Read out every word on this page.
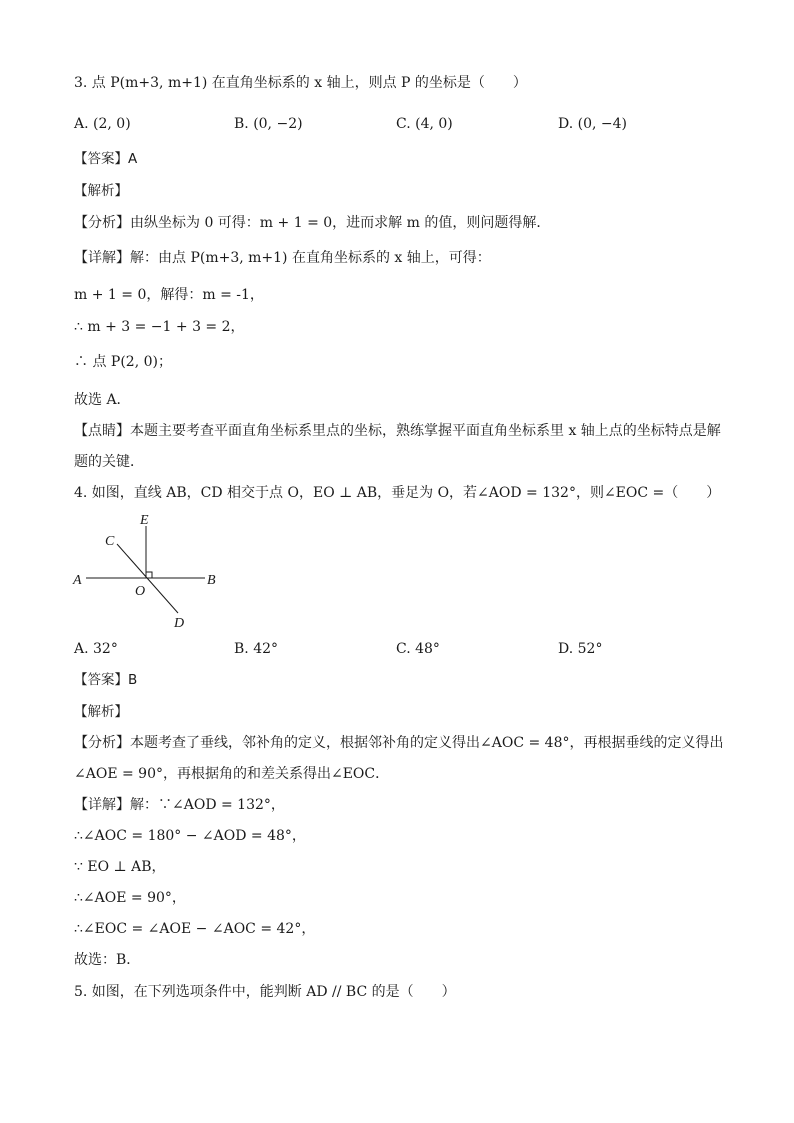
3. 点 P(m+3, m+1) 在直角坐标系的 x 轴上，则点 P 的坐标是（　　）
A. (2, 0)	B. (0, −2)	C. (4, 0)	D. (0, −4)
【答案】A
【解析】
【分析】由纵坐标为 0 可得：m + 1 = 0，进而求解 m 的值，则问题得解．
【详解】解：由点 P(m+3, m+1) 在直角坐标系的 x 轴上，可得：
m + 1 = 0，解得：m = -1，
∴ m + 3 = −1 + 3 = 2，
∴ 点 P(2, 0)；
故选 A．
【点睛】本题主要考查平面直角坐标系里点的坐标，熟练掌握平面直角坐标系里 x 轴上点的坐标特点是解
题的关键．
4. 如图，直线 AB，CD 相交于点 O，EO ⊥ AB，垂足为 O，若∠AOD = 132°，则∠EOC =（　　）
E
C
A
O
B
D
A. 32°	B. 42°	C. 48°	D. 52°
【答案】B
【解析】
【分析】本题考查了垂线，邻补角的定义，根据邻补角的定义得出∠AOC = 48°，再根据垂线的定义得出
∠AOE = 90°，再根据角的和差关系得出∠EOC．
【详解】解：∵∠AOD = 132°，
∴∠AOC = 180° − ∠AOD = 48°，
∵ EO ⊥ AB，
∴∠AOE = 90°，
∴∠EOC = ∠AOE − ∠AOC = 42°，
故选：B．
5. 如图，在下列选项条件中，能判断 AD // BC 的是（　　）
